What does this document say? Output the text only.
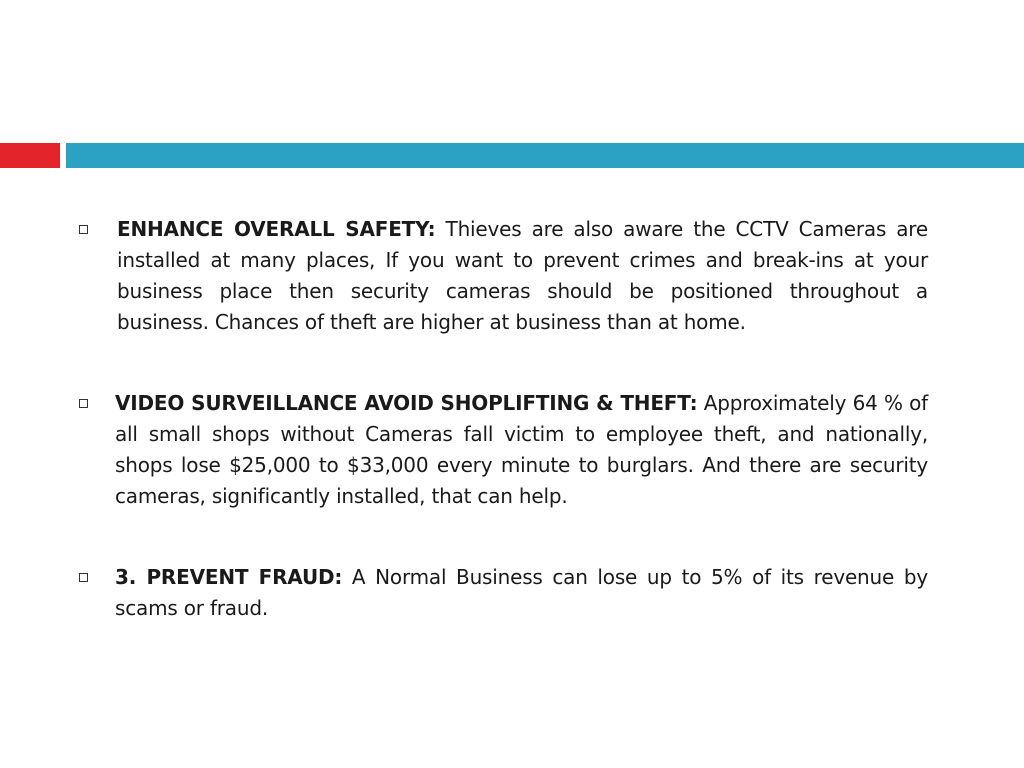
ENHANCE OVERALL SAFETY: Thieves are also aware the CCTV Cameras are installed at many places, If you want to prevent crimes and break-ins at your business place then security cameras should be positioned throughout a business. Chances of theft are higher at business than at home.
VIDEO SURVEILLANCE AVOID SHOPLIFTING & THEFT: Approximately 64 % of all small shops without Cameras fall victim to employee theft, and nationally, shops lose $25,000 to $33,000 every minute to burglars. And there are security cameras, significantly installed, that can help.
3. PREVENT FRAUD: A Normal Business can lose up to 5% of its revenue by scams or fraud.
